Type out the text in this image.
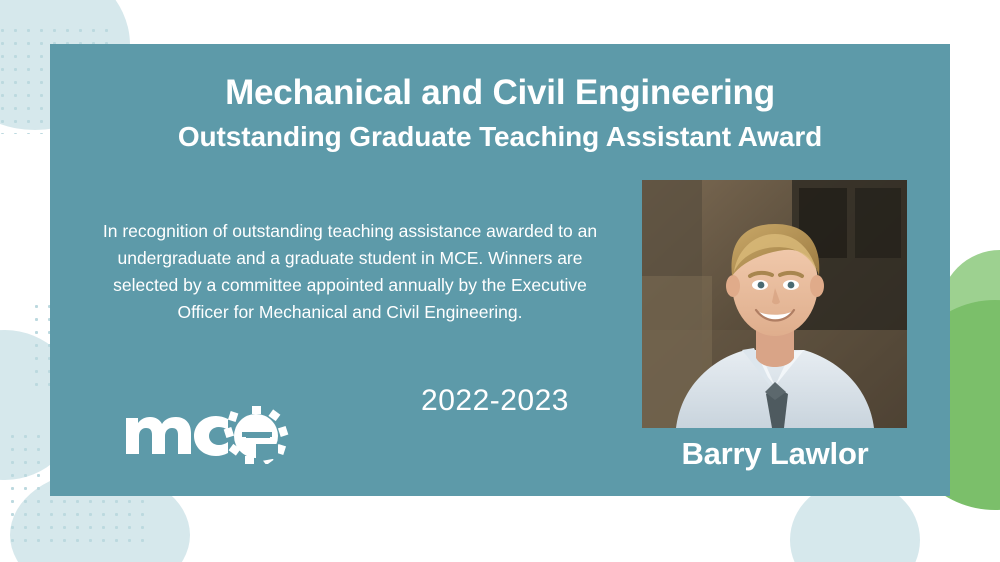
Mechanical and Civil Engineering
Outstanding Graduate Teaching Assistant Award
In recognition of outstanding teaching assistance awarded to an undergraduate and a graduate student in MCE. Winners are selected by a committee appointed annually by the Executive Officer for Mechanical and Civil Engineering.
2022-2023
Barry Lawlor
